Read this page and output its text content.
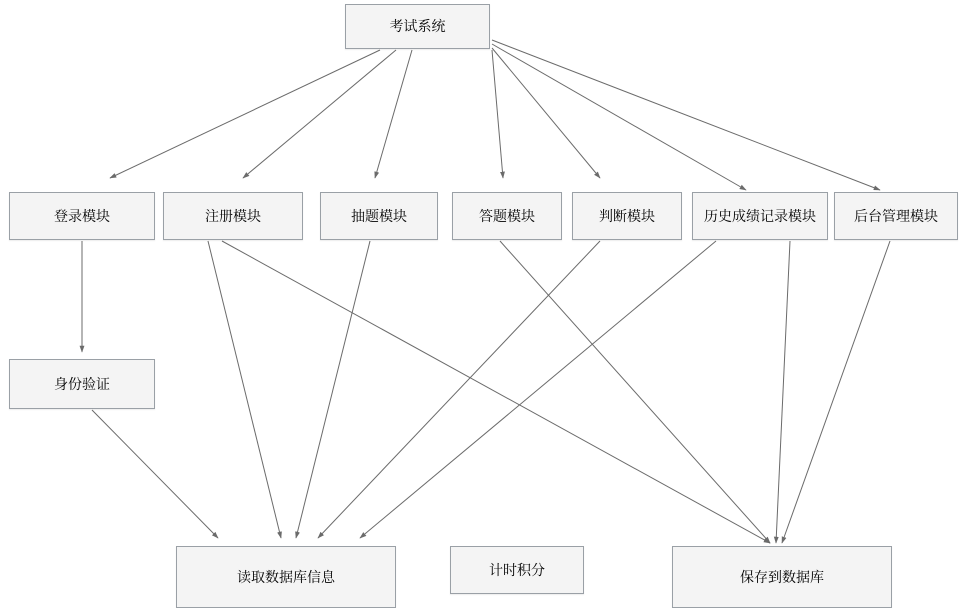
考试系统
登录模块	注册模块	抽题模块	答题模块	判断模块	历史成绩记录模块	后台管理模块
身份验证
读取数据库信息	计时积分	保存到数据库
